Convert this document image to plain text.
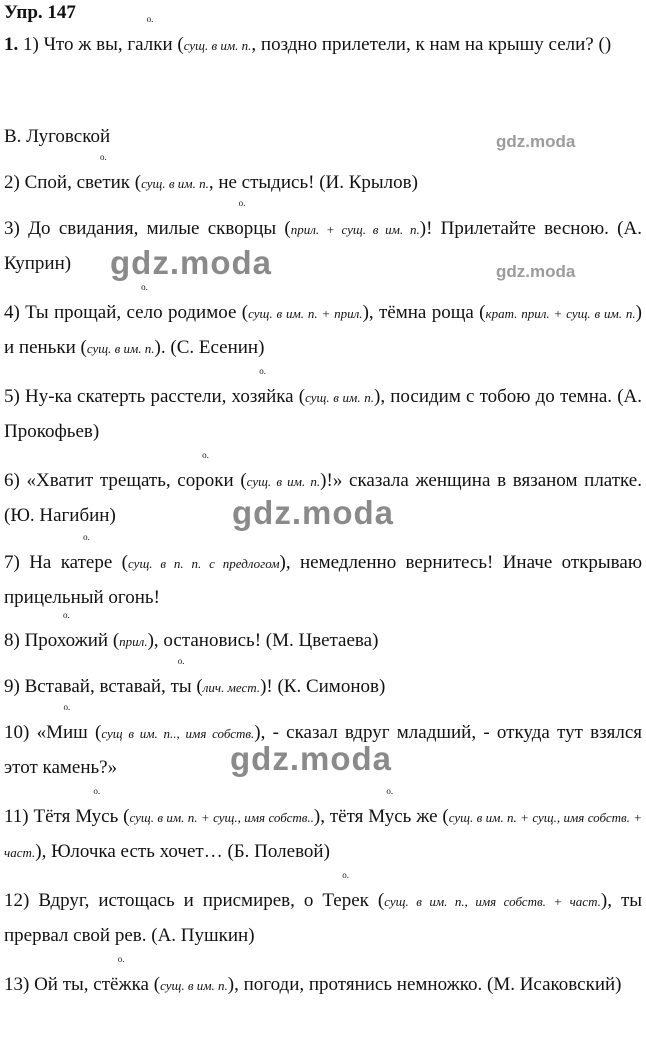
Упр. 147
1. 1) Что ж вы,
о.
галки (сущ. в им. п., поздно прилетели, к нам на крышу сели? ()
В. Луговской
2) Спой,
о.
светик (сущ. в им. п., не стыдись! (И. Крылов)
3) До свидания, милые
о.
скворцы (прил. + сущ. в им. п.)! Прилетайте весною. (А. Куприн)
4) Ты прощай,
о.
село родимое (сущ. в им. п. + прил.), тёмна роща (крат. прил. + сущ. в им. п.) и пеньки (сущ. в им. п.). (С. Есенин)
5) Ну-ка скатерть расстели,
о.
хозяйка (сущ. в им. п.), посидим с тобою до темна. (А. Прокофьев)
6) «Хватит трещать,
о.
сороки (сущ. в им. п.)!» сказала женщина в вязаном платке. (Ю. Нагибин)
7) На
о.
катере (сущ. в п. п. с предлогом), немедленно вернитесь! Иначе открываю прицельный огонь!
8)
о.
Прохожий (прил.), остановись! (М. Цветаева)
9) Вставай, вставай,
о.
ты (лич. мест.)! (К. Симонов)
10) «
о.
Миш (сущ в им. п.., имя собств.), - сказал вдруг младший, - откуда тут взялся этот камень?»
11) Тётя
о.
Мусь (сущ. в им. п. + сущ., имя собств..), тётя
о.
Мусь же (сущ. в им. п. + сущ., имя собств. + част.), Юлочка есть хочет… (Б. Полевой)
12) Вдруг, истощась и присмирев, о
о.
Терек (сущ. в им. п., имя собств. + част.), ты прервал свой рев. (А. Пушкин)
13) Ой ты,
о.
стёжка (сущ. в им. п.), погоди, протянись немножко. (М. Исаковский)
gdz.moda
gdz.moda	gdz.moda
gdz.moda
gdz.moda
